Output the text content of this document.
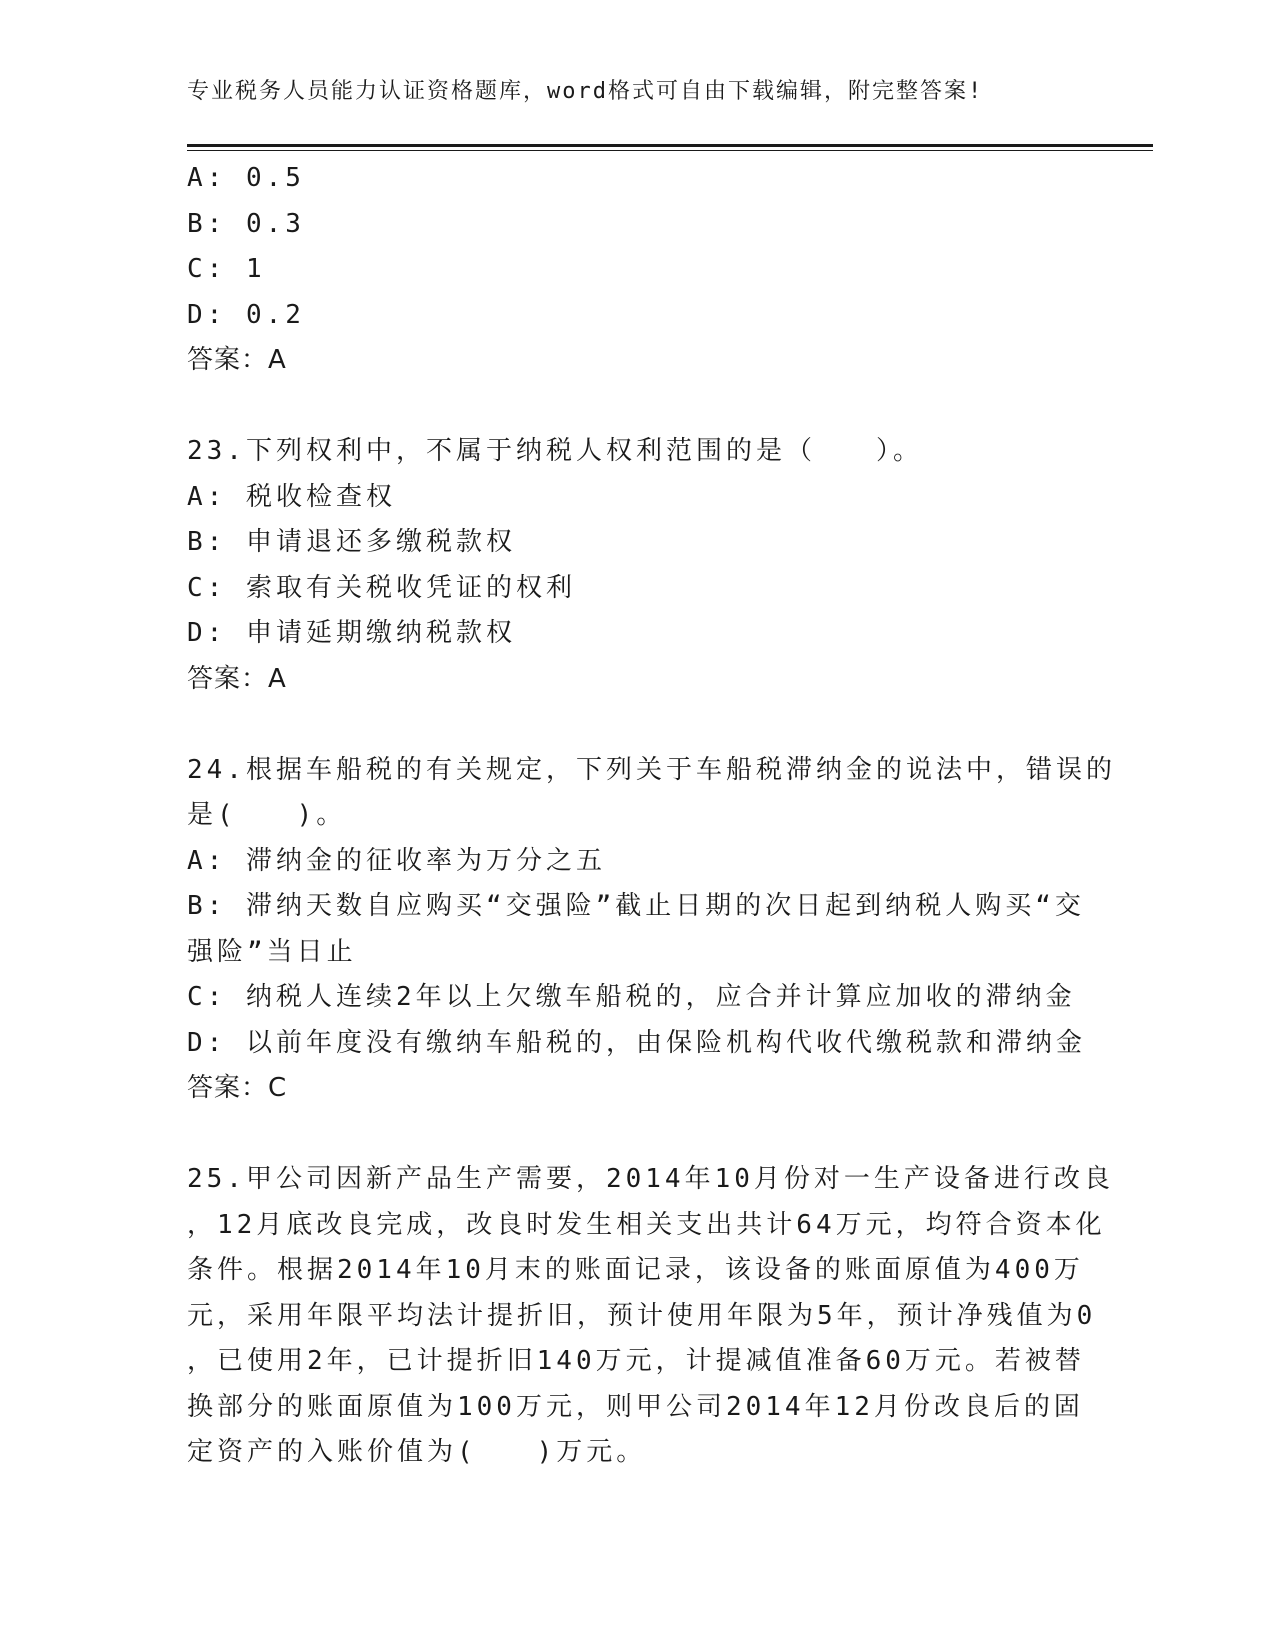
专业税务人员能力认证资格题库，word格式可自由下载编辑，附完整答案!
A: 0.5
B: 0.3
C: 1
D: 0.2
答案：A
23.下列权利中，不属于纳税人权利范围的是（　　）。
A: 税收检查权
B: 申请退还多缴税款权
C: 索取有关税收凭证的权利
D: 申请延期缴纳税款权
答案：A
24.根据车船税的有关规定，下列关于车船税滞纳金的说法中，错误的
是(　　)。
A: 滞纳金的征收率为万分之五
B: 滞纳天数自应购买“交强险”截止日期的次日起到纳税人购买“交
强险”当日止
C: 纳税人连续2年以上欠缴车船税的，应合并计算应加收的滞纳金
D: 以前年度没有缴纳车船税的，由保险机构代收代缴税款和滞纳金
答案：C
25.甲公司因新产品生产需要，2014年10月份对一生产设备进行改良
，12月底改良完成，改良时发生相关支出共计64万元，均符合资本化
条件。根据2014年10月末的账面记录，该设备的账面原值为400万
元，采用年限平均法计提折旧，预计使用年限为5年，预计净残值为0
，已使用2年，已计提折旧140万元，计提减值准备60万元。若被替
换部分的账面原值为100万元，则甲公司2014年12月份改良后的固
定资产的入账价值为(　　)万元。
